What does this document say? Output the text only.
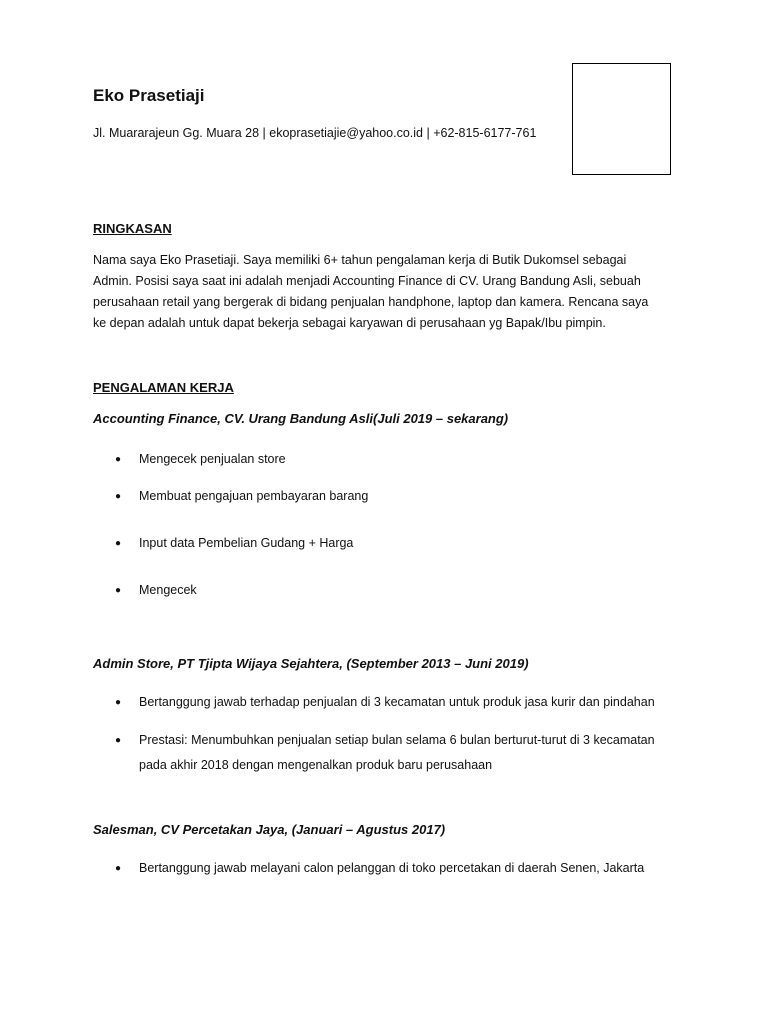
Eko Prasetiaji
Jl. Muararajeun Gg. Muara 28 | ekoprasetiajie@yahoo.co.id | +62-815-6177-761
RINGKASAN
Nama saya Eko Prasetiaji. Saya memiliki 6+ tahun pengalaman kerja di Butik Dukomsel sebagai
Admin. Posisi saya saat ini adalah menjadi Accounting Finance di CV. Urang Bandung Asli, sebuah
perusahaan retail yang bergerak di bidang penjualan handphone, laptop dan kamera. Rencana saya
ke depan adalah untuk dapat bekerja sebagai karyawan di perusahaan yg Bapak/Ibu pimpin.
PENGALAMAN KERJA
Accounting Finance, CV. Urang Bandung Asli(Juli 2019 – sekarang)
● Mengecek penjualan store
● Membuat pengajuan pembayaran barang
● Input data Pembelian Gudang + Harga
● Mengecek
Admin Store, PT Tjipta Wijaya Sejahtera, (September 2013 – Juni 2019)
● Bertanggung jawab terhadap penjualan di 3 kecamatan untuk produk jasa kurir dan pindahan
● Prestasi: Menumbuhkan penjualan setiap bulan selama 6 bulan berturut-turut di 3 kecamatan
pada akhir 2018 dengan mengenalkan produk baru perusahaan
Salesman, CV Percetakan Jaya, (Januari – Agustus 2017)
● Bertanggung jawab melayani calon pelanggan di toko percetakan di daerah Senen, Jakarta
